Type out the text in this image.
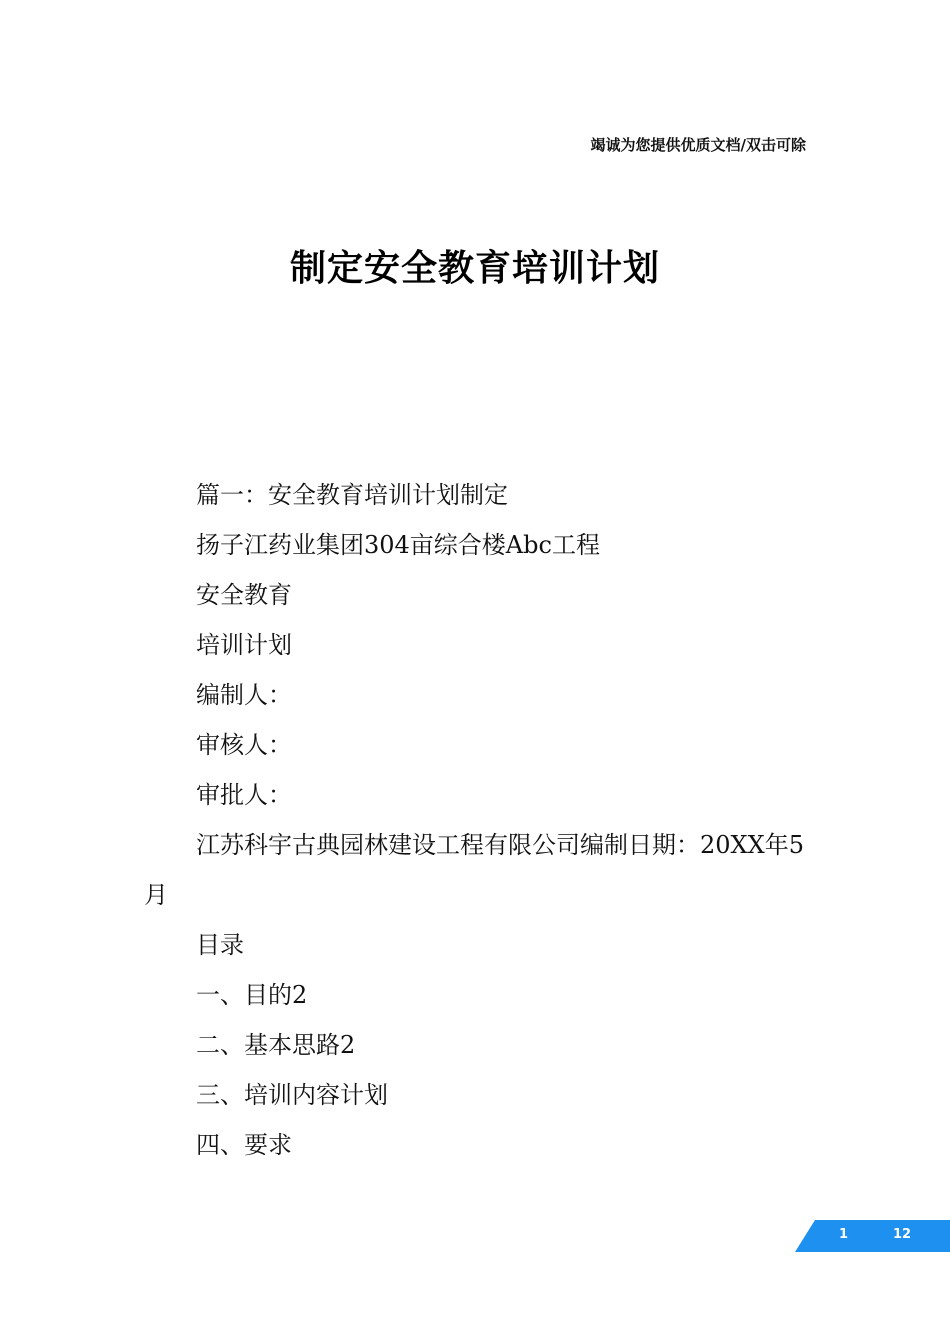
竭诚为您提供优质文档/双击可除
制定安全教育培训计划

篇一：安全教育培训计划制定

扬子江药业集团304亩综合楼Abc工程

安全教育

培训计划

编制人：

审核人：

审批人：

江苏科宇古典园林建设工程有限公司编制日期：20XX年5月

目录

一、目的2

二、基本思路2

三、培训内容计划

四、要求

1	12
